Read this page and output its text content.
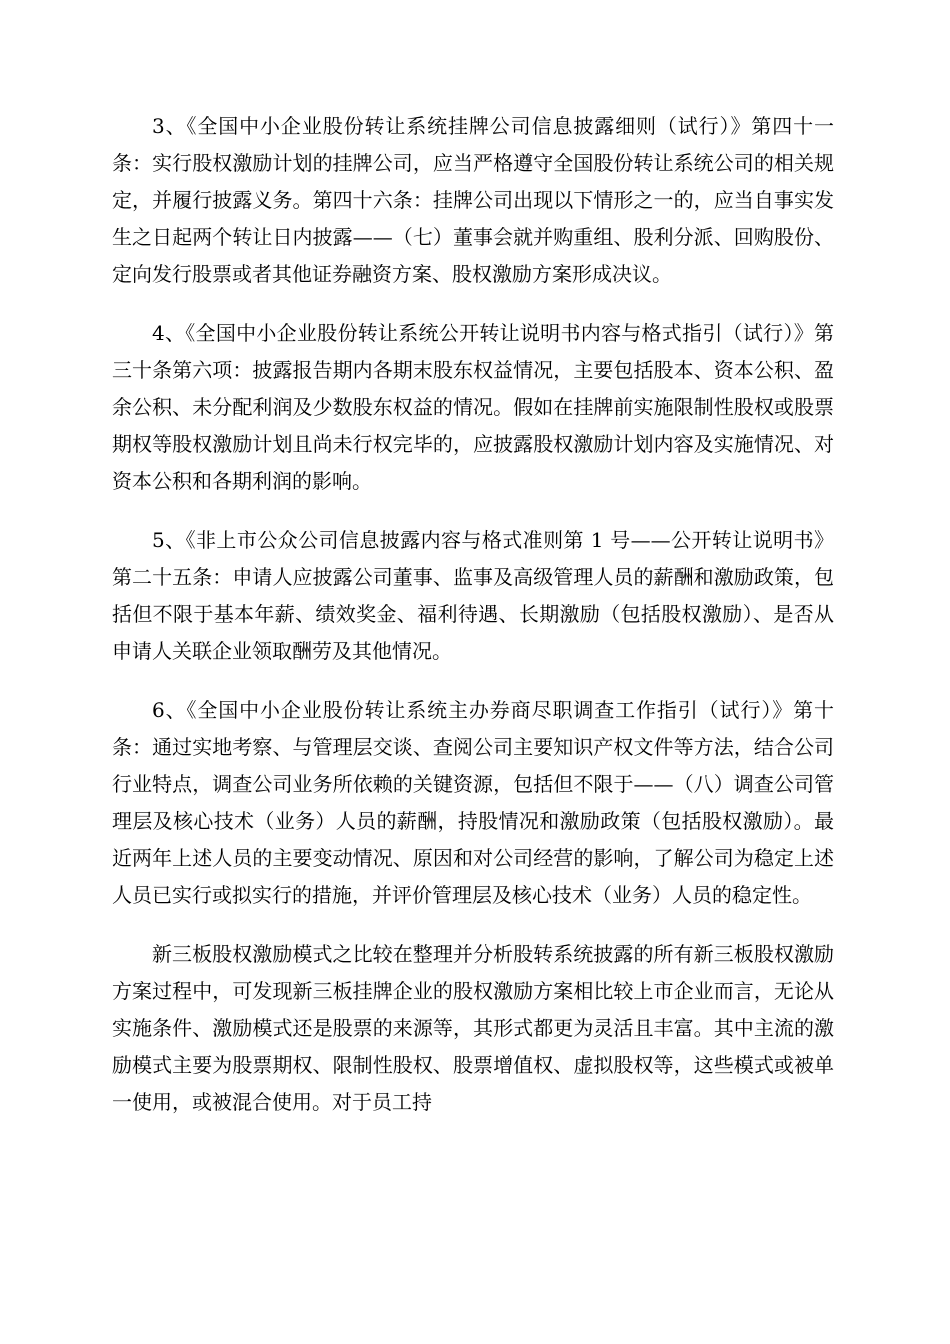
3、《全国中小企业股份转让系统挂牌公司信息披露细则（试行）》第四十一条：实行股权激励计划的挂牌公司，应当严格遵守全国股份转让系统公司的相关规定，并履行披露义务。第四十六条：挂牌公司出现以下情形之一的，应当自事实发生之日起两个转让日内披露——（七）董事会就并购重组、股利分派、回购股份、定向发行股票或者其他证券融资方案、股权激励方案形成决议。

4、《全国中小企业股份转让系统公开转让说明书内容与格式指引（试行）》第三十条第六项：披露报告期内各期末股东权益情况，主要包括股本、资本公积、盈余公积、未分配利润及少数股东权益的情况。假如在挂牌前实施限制性股权或股票期权等股权激励计划且尚未行权完毕的，应披露股权激励计划内容及实施情况、对资本公积和各期利润的影响。

5、《非上市公众公司信息披露内容与格式准则第 1 号——公开转让说明书》第二十五条：申请人应披露公司董事、监事及高级管理人员的薪酬和激励政策，包括但不限于基本年薪、绩效奖金、福利待遇、长期激励（包括股权激励）、是否从申请人关联企业领取酬劳及其他情况。

6、《全国中小企业股份转让系统主办券商尽职调查工作指引（试行）》第十条：通过实地考察、与管理层交谈、查阅公司主要知识产权文件等方法，结合公司行业特点，调查公司业务所依赖的关键资源，包括但不限于——（八）调查公司管理层及核心技术（业务）人员的薪酬，持股情况和激励政策（包括股权激励）。最近两年上述人员的主要变动情况、原因和对公司经营的影响，了解公司为稳定上述人员已实行或拟实行的措施，并评价管理层及核心技术（业务）人员的稳定性。

新三板股权激励模式之比较在整理并分析股转系统披露的所有新三板股权激励方案过程中，可发现新三板挂牌企业的股权激励方案相比较上市企业而言，无论从实施条件、激励模式还是股票的来源等，其形式都更为灵活且丰富。其中主流的激励模式主要为股票期权、限制性股权、股票增值权、虚拟股权等，这些模式或被单一使用，或被混合使用。对于员工持
